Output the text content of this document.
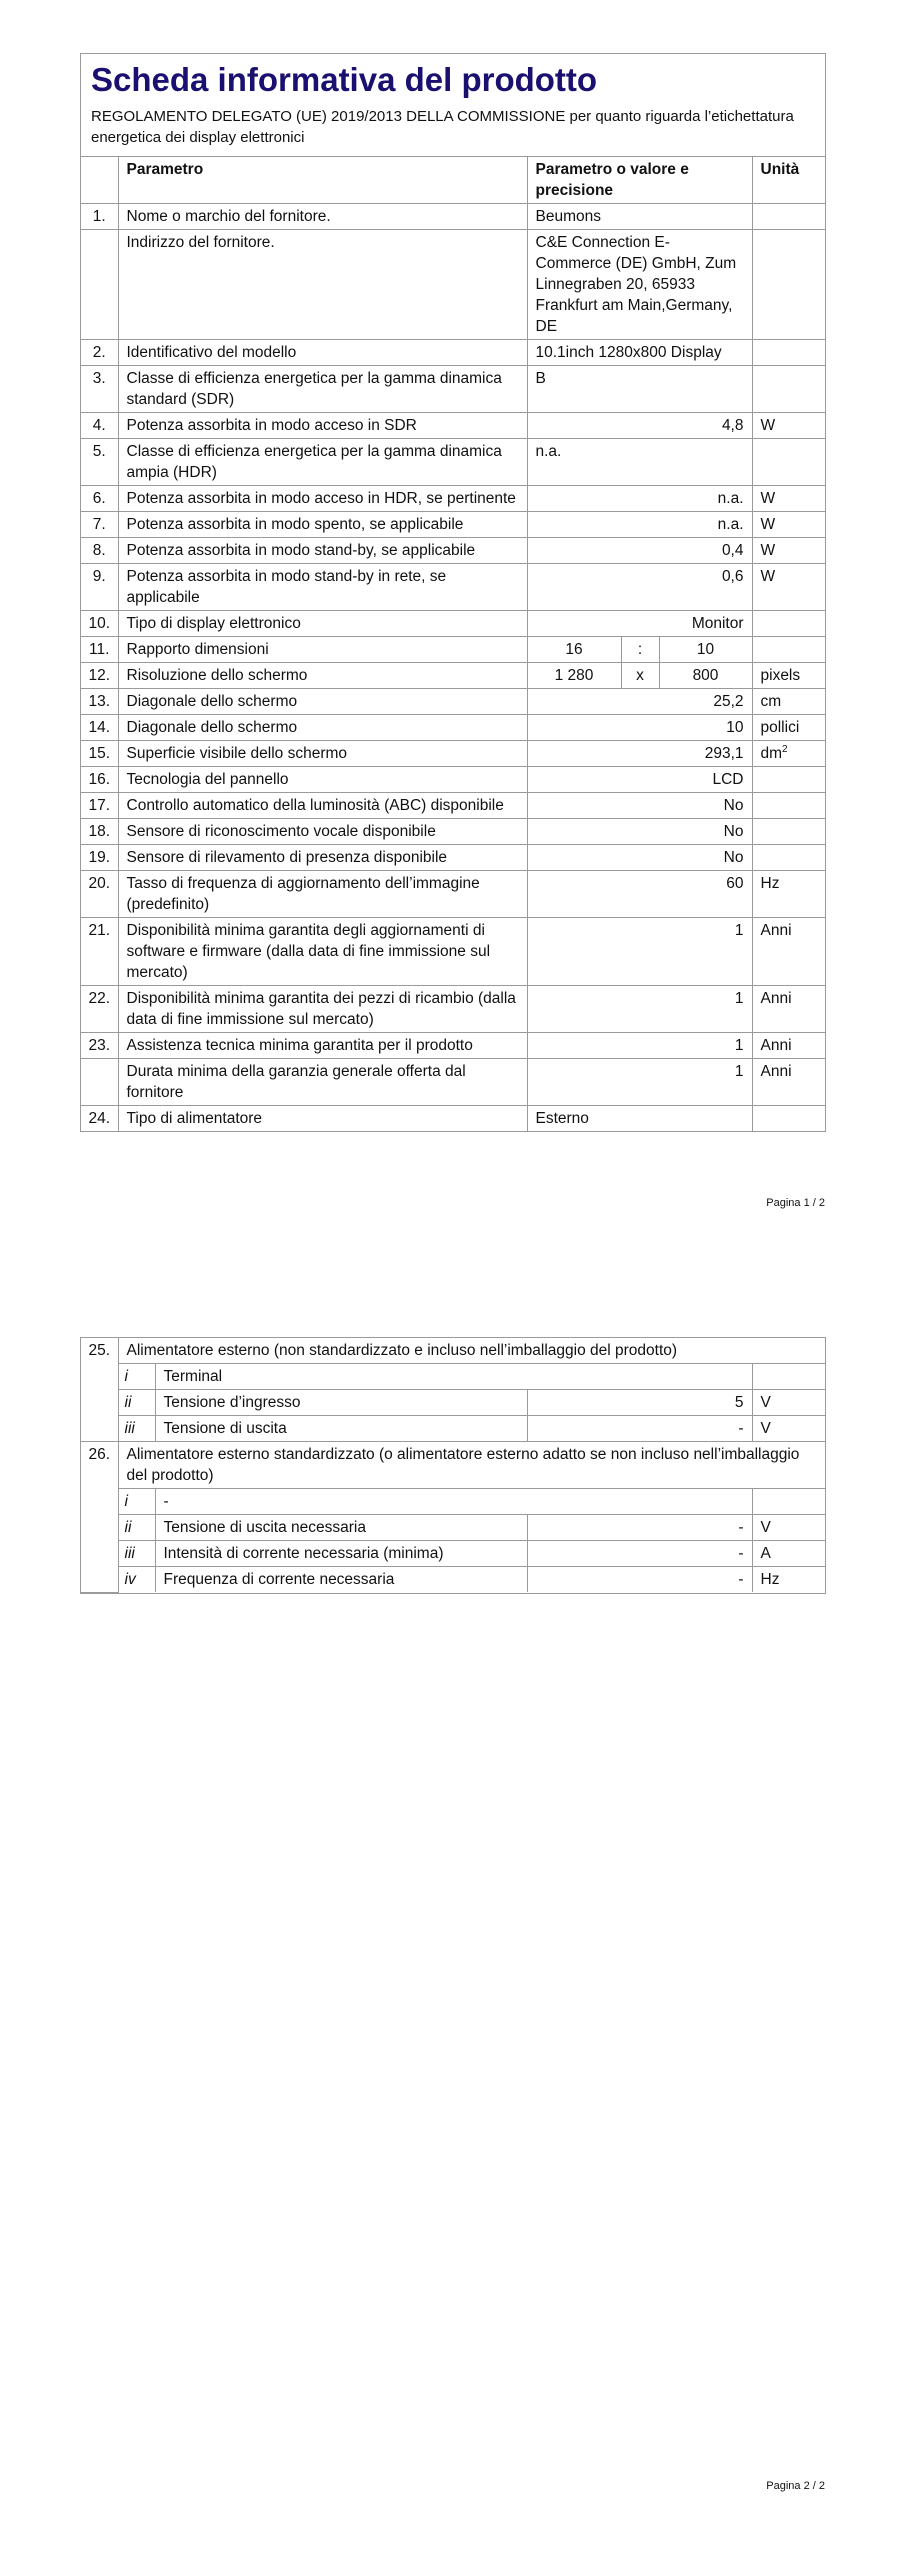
Scheda informativa del prodotto
REGOLAMENTO DELEGATO (UE) 2019/2013 DELLA COMMISSIONE per quanto riguarda l’etichettatura energetica dei display elettronici
	Parametro	Parametro o valore e precisione			Unità
1.	Nome o marchio del fornitore.	Beumons			
	Indirizzo del fornitore.	C&E Connection E-Commerce (DE) GmbH, Zum Linnegraben 20, 65933 Frankfurt am Main,Germany, DE			
2.	Identificativo del modello	10.1inch 1280x800 Display			
3.	Classe di efficienza energetica per la gamma dinamica standard (SDR)	B			
4.	Potenza assorbita in modo acceso in SDR	4,8			W
5.	Classe di efficienza energetica per la gamma dinamica ampia (HDR)	n.a.			
6.	Potenza assorbita in modo acceso in HDR, se pertinente	n.a.			W
7.	Potenza assorbita in modo spento, se applicabile	n.a.			W
8.	Potenza assorbita in modo stand-by, se applicabile	0,4			W
9.	Potenza assorbita in modo stand-by in rete, se applicabile	0,6			W
10.	Tipo di display elettronico	Monitor			
11.	Rapporto dimensioni	16	:	10	
12.	Risoluzione dello schermo	1 280	x	800	pixels
13.	Diagonale dello schermo	25,2			cm
14.	Diagonale dello schermo	10			pollici
15.	Superficie visibile dello schermo	293,1			$dm^2$
16.	Tecnologia del pannello	LCD			
17.	Controllo automatico della luminosità (ABC) disponibile	No			
18.	Sensore di riconoscimento vocale disponibile	No			
19.	Sensore di rilevamento di presenza disponibile	No			
20.	Tasso di frequenza di aggiornamento dell’immagine (predefinito)	60			Hz
21.	Disponibilità minima garantita degli aggiornamenti di software e firmware (dalla data di fine immissione sul mercato)	1			Anni
22.	Disponibilità minima garantita dei pezzi di ricambio (dalla data di fine immissione sul mercato)	1			Anni
23.	Assistenza tecnica minima garantita per il prodotto	1			Anni
	Durata minima della garanzia generale offerta dal fornitore	1			Anni
24.	Tipo di alimentatore	Esterno			
Pagina 1 / 2
25.	Alimentatore esterno (non standardizzato e incluso nell’imballaggio del prodotto)			
	i	Terminal		
	ii	Tensione d’ingresso	5	V
	iii	Tensione di uscita	-	V
26.	Alimentatore esterno standardizzato (o alimentatore esterno adatto se non incluso nell’imballaggio del prodotto)			
	i	-		
	ii	Tensione di uscita necessaria	-	V
	iii	Intensità di corrente necessaria (minima)	-	A
	iv	Frequenza di corrente necessaria	-	Hz
Pagina 2 / 2
